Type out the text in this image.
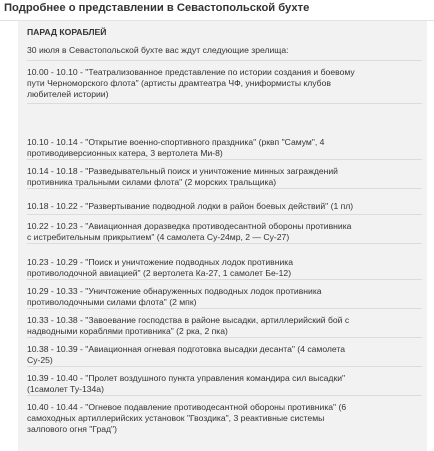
Подробнее о представлении в Севастопольской бухте
ПАРАД КОРАБЛЕЙ
30 июля в Севастопольской бухте вас ждут следующие зрелища:
10.00 - 10.10 - "Театрализованное представление по истории создания и боевому
пути Черноморского флота" (артисты драмтеатра ЧФ, униформисты клубов
любителей истории)
10.10 - 10.14 - "Открытие военно-спортивного праздника" (рквп "Самум", 4
противодиверсионных катера, 3 вертолета Ми-8)
10.14 - 10.18 - "Разведывательный поиск и уничтожение минных заграждений
противника тральными силами флота" (2 морских тральщика)
10.18 - 10.22 - "Развертывание подводной лодки в район боевых действий" (1 пл)
10.22 - 10.23 - "Авиационная доразведка противодесантной обороны противника
с истребительным прикрытием" (4 самолета Су-24мр, 2 — Су-27)
10.23 - 10.29 - "Поиск и уничтожение подводных лодок противника
противолодочной авиацией" (2 вертолета Ка-27, 1 самолет Бе-12)
10.29 - 10.33 - "Уничтожение обнаруженных подводных лодок противника
противолодочными силами флота" (2 мпк)
10.33 - 10.38 - "Завоевание господства в районе высадки, артиллерийский бой с
надводными кораблями противника" (2 рка, 2 пка)
10.38 - 10.39 - "Авиационная огневая подготовка высадки десанта" (4 самолета
Су-25)
10.39 - 10.40 - "Пролет воздушного пункта управления командира сил высадки"
(1самолет Ту-134а)
10.40 - 10.44 - "Огневое подавление противодесантной обороны противника" (6
самоходных артиллерийских установок "Гвоздика", 3 реактивные системы
залпового огня "Град")
